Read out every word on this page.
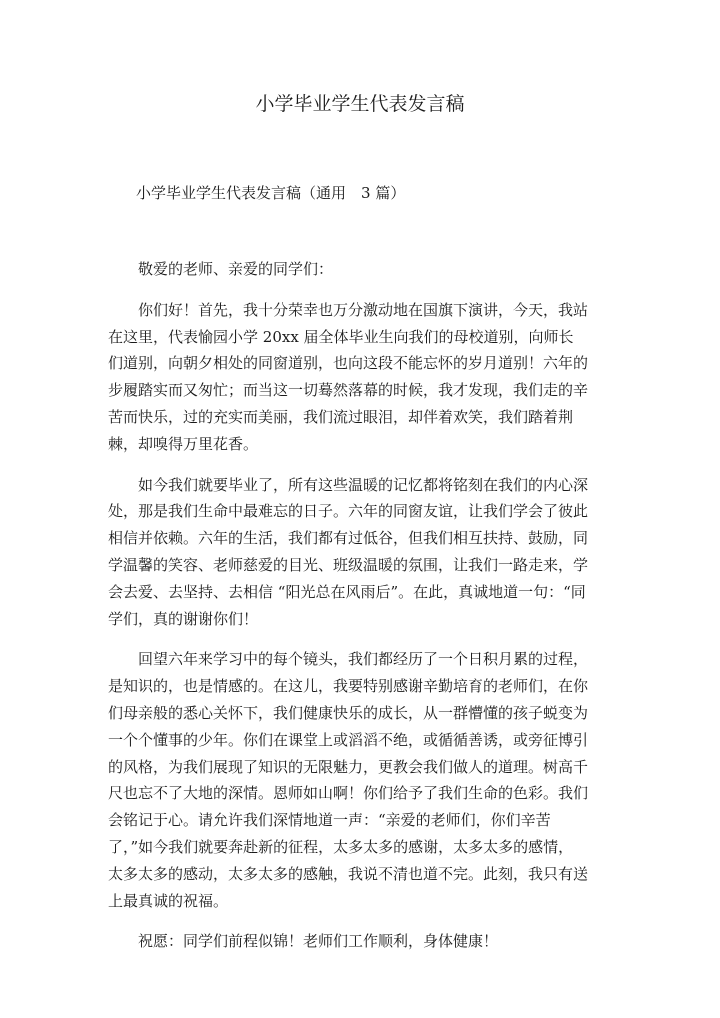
小学毕业学生代表发言稿
小学毕业学生代表发言稿（通用　3 篇）

敬爱的老师、亲爱的同学们：

你们好！首先，我十分荣幸也万分激动地在国旗下演讲，今天，我站在这里，代表愉园小学 20xx 届全体毕业生向我们的母校道别，向师长们道别，向朝夕相处的同窗道别，也向这段不能忘怀的岁月道别！六年的步履踏实而又匆忙；而当这一切蓦然落幕的时候，我才发现，我们走的辛苦而快乐，过的充实而美丽，我们流过眼泪，却伴着欢笑，我们踏着荆棘，却嗅得万里花香。

如今我们就要毕业了，所有这些温暖的记忆都将铭刻在我们的内心深处，那是我们生命中最难忘的日子。六年的同窗友谊，让我们学会了彼此相信并依赖。六年的生活，我们都有过低谷，但我们相互扶持、鼓励，同学温馨的笑容、老师慈爱的目光、班级温暖的氛围，让我们一路走来，学会去爱、去坚持、去相信 “阳光总在风雨后”。在此，真诚地道一句：“同学们，真的谢谢你们！

回望六年来学习中的每个镜头，我们都经历了一个日积月累的过程，是知识的，也是情感的。在这儿，我要特别感谢辛勤培育的老师们，在你们母亲般的悉心关怀下，我们健康快乐的成长，从一群懵懂的孩子蜕变为一个个懂事的少年。你们在课堂上或滔滔不绝，或循循善诱，或旁征博引的风格，为我们展现了知识的无限魅力，更教会我们做人的道理。树高千尺也忘不了大地的深情。恩师如山啊！你们给予了我们生命的色彩。我们会铭记于心。请允许我们深情地道一声：“亲爱的老师们，你们辛苦了，”如今我们就要奔赴新的征程，太多太多的感谢，太多太多的感情，太多太多的感动，太多太多的感触，我说不清也道不完。此刻，我只有送上最真诚的祝福。

祝愿：同学们前程似锦！老师们工作顺利，身体健康！
